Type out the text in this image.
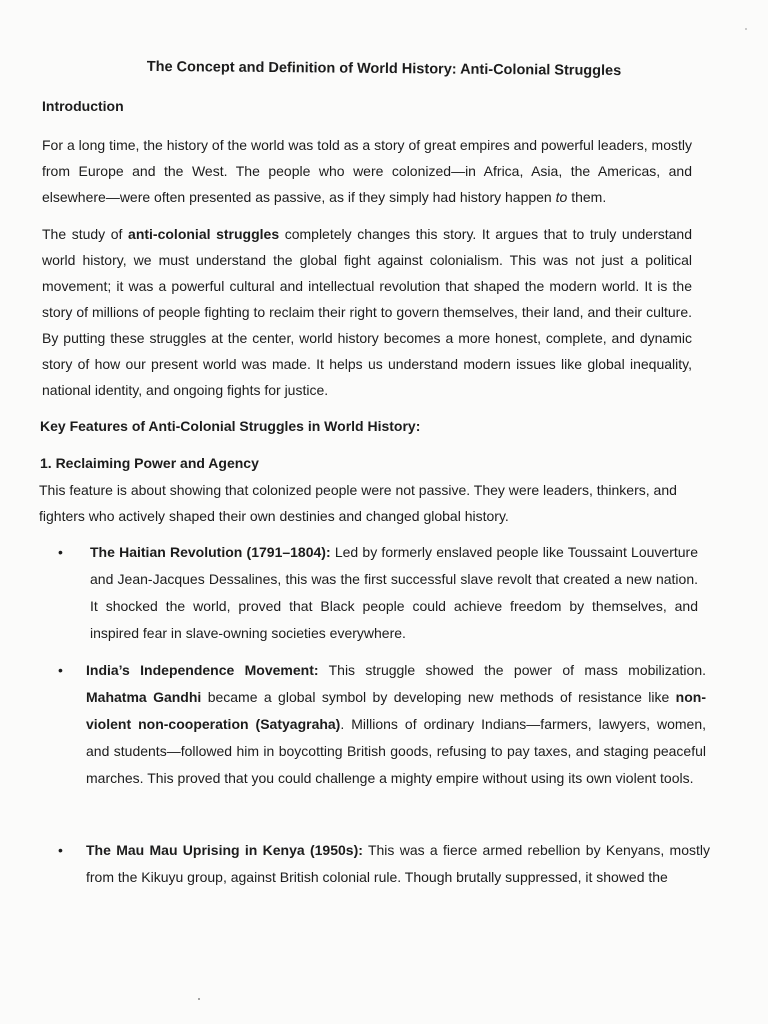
The Concept and Definition of World History: Anti-Colonial Struggles
Introduction

For a long time, the history of the world was told as a story of great empires and powerful leaders, mostly from Europe and the West. The people who were colonized—in Africa, Asia, the Americas, and elsewhere—were often presented as passive, as if they simply had history happen to them.

The study of anti-colonial struggles completely changes this story. It argues that to truly understand world history, we must understand the global fight against colonialism. This was not just a political movement; it was a powerful cultural and intellectual revolution that shaped the modern world. It is the story of millions of people fighting to reclaim their right to govern themselves, their land, and their culture. By putting these struggles at the center, world history becomes a more honest, complete, and dynamic story of how our present world was made. It helps us understand modern issues like global inequality, national identity, and ongoing fights for justice.

Key Features of Anti-Colonial Struggles in World History:
1. Reclaiming Power and Agency

This feature is about showing that colonized people were not passive. They were leaders, thinkers, and fighters who actively shaped their own destinies and changed global history.

• The Haitian Revolution (1791–1804): Led by formerly enslaved people like Toussaint Louverture and Jean-Jacques Dessalines, this was the first successful slave revolt that created a new nation. It shocked the world, proved that Black people could achieve freedom by themselves, and inspired fear in slave-owning societies everywhere.
• India’s Independence Movement: This struggle showed the power of mass mobilization. Mahatma Gandhi became a global symbol by developing new methods of resistance like non-violent non-cooperation (Satyagraha). Millions of ordinary Indians—farmers, lawyers, women, and students—followed him in boycotting British goods, refusing to pay taxes, and staging peaceful marches. This proved that you could challenge a mighty empire without using its own violent tools.
• The Mau Mau Uprising in Kenya (1950s): This was a fierce armed rebellion by Kenyans, mostly from the Kikuyu group, against British colonial rule. Though brutally suppressed, it showed the
